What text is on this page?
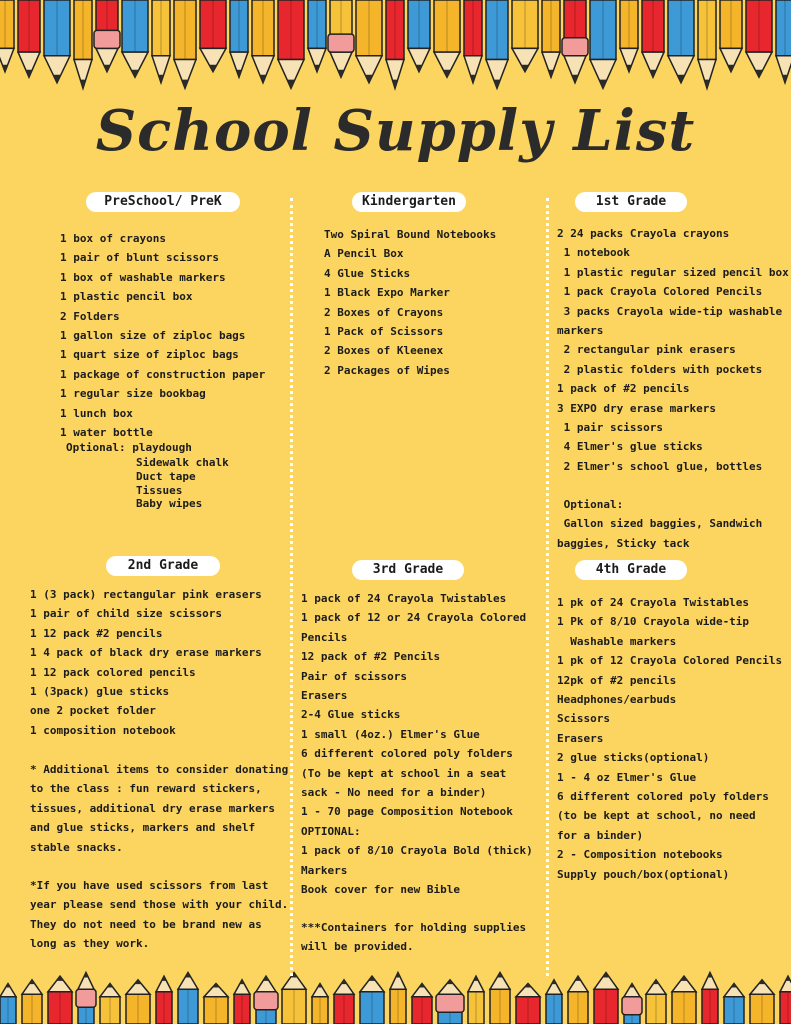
School Supply List
PreSchool/ PreK
1 box of crayons
1 pair of blunt scissors
1 box of washable markers
1 plastic pencil box
2 Folders
1 gallon size of ziploc bags
1 quart size of ziploc bags
1 package of construction paper
1 regular size bookbag
1 lunch box
1 water bottle
Optional: playdough
Sidewalk chalk
Duct tape
Tissues
Baby wipes
Kindergarten
Two Spiral Bound Notebooks
A Pencil Box
4 Glue Sticks
1 Black Expo Marker
2 Boxes of Crayons
1 Pack of Scissors
2 Boxes of Kleenex
2 Packages of Wipes
1st Grade
2 24 packs Crayola crayons
1 notebook
1 plastic regular sized pencil box
1 pack Crayola Colored Pencils
3 packs Crayola wide-tip washable
markers
2 rectangular pink erasers
2 plastic folders with pockets
1 pack of #2 pencils
3 EXPO dry erase markers
1 pair scissors
4 Elmer's glue sticks
2 Elmer's school glue, bottles

Optional:

Gallon sized baggies, Sandwich

baggies, Sticky tack

2nd Grade
1 (3 pack) rectangular pink erasers
1 pair of child size scissors
1 12 pack #2 pencils
1 4 pack of black dry erase markers
1 12 pack colored pencils
1 (3pack) glue sticks
one 2 pocket folder
1 composition notebook

* Additional items to consider donating

to the class : fun reward stickers,

tissues, additional dry erase markers

and glue sticks, markers and shelf

stable snacks.

*If you have used scissors from last

year please send those with your child.

They do not need to be brand new as

long as they work.

3rd Grade
1 pack of 24 Crayola Twistables
1 pack of 12 or 24 Crayola Colored
Pencils
12 pack of #2 Pencils
Pair of scissors
Erasers
2-4 Glue sticks
1 small (4oz.) Elmer's Glue
6 different colored poly folders
(To be kept at school in a seat
sack - No need for a binder)
1 - 70 page Composition Notebook
OPTIONAL:
1 pack of 8/10 Crayola Bold (thick)
Markers
Book cover for new Bible

***Containers for holding supplies

will be provided.

4th Grade
1 pk of 24 Crayola Twistables
1 Pk of 8/10 Crayola wide-tip
Washable markers
1 pk of 12 Crayola Colored Pencils
12pk of #2 pencils
Headphones/earbuds
Scissors
Erasers
2 glue sticks(optional)
1 - 4 oz Elmer's Glue
6 different colored poly folders
(to be kept at school, no need
for a binder)
2 - Composition notebooks
Supply pouch/box(optional)
